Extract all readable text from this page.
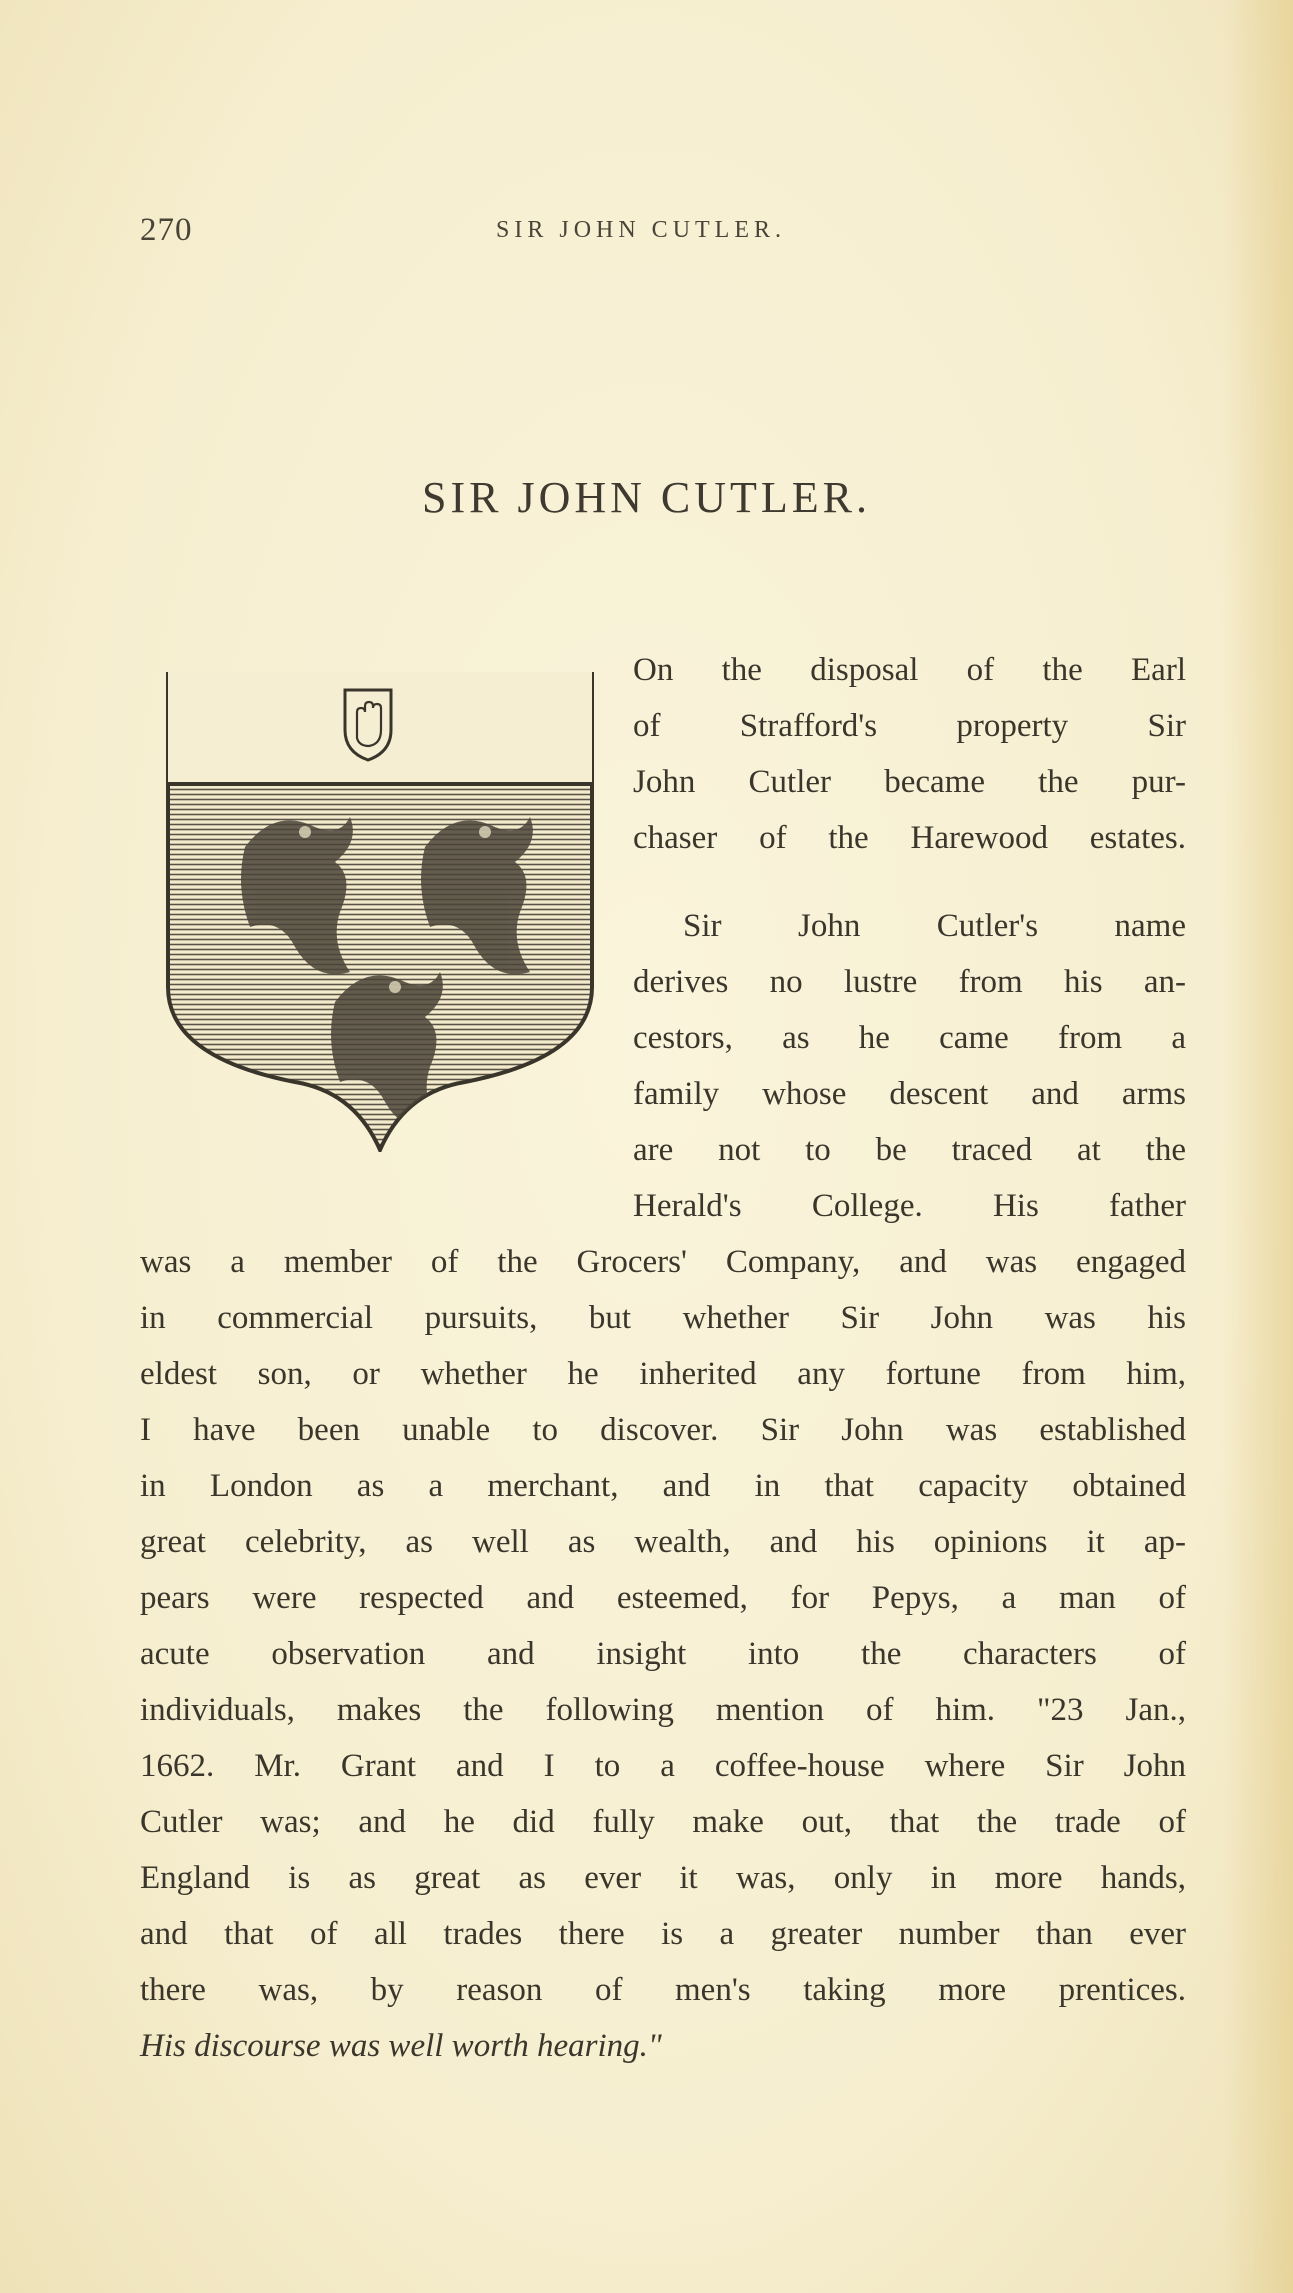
270	SIR JOHN CUTLER.
SIR JOHN CUTLER.
On the disposal of the Earl
of Strafford's property Sir
John Cutler became the pur-
chaser of the Harewood estates.
Sir John Cutler's name
derives no lustre from his an-
cestors, as he came from a
family whose descent and arms
are not to be traced at the
Herald's College. His father
was a member of the Grocers' Company, and was engaged
in commercial pursuits, but whether Sir John was his
eldest son, or whether he inherited any fortune from him,
I have been unable to discover. Sir John was established
in London as a merchant, and in that capacity obtained
great celebrity, as well as wealth, and his opinions it ap-
pears were respected and esteemed, for Pepys, a man of
acute observation and insight into the characters of
individuals, makes the following mention of him. "23 Jan.,
1662. Mr. Grant and I to a coffee-house where Sir John
Cutler was; and he did fully make out, that the trade of
England is as great as ever it was, only in more hands,
and that of all trades there is a greater number than ever
there was, by reason of men's taking more prentices.
His discourse was well worth hearing."
